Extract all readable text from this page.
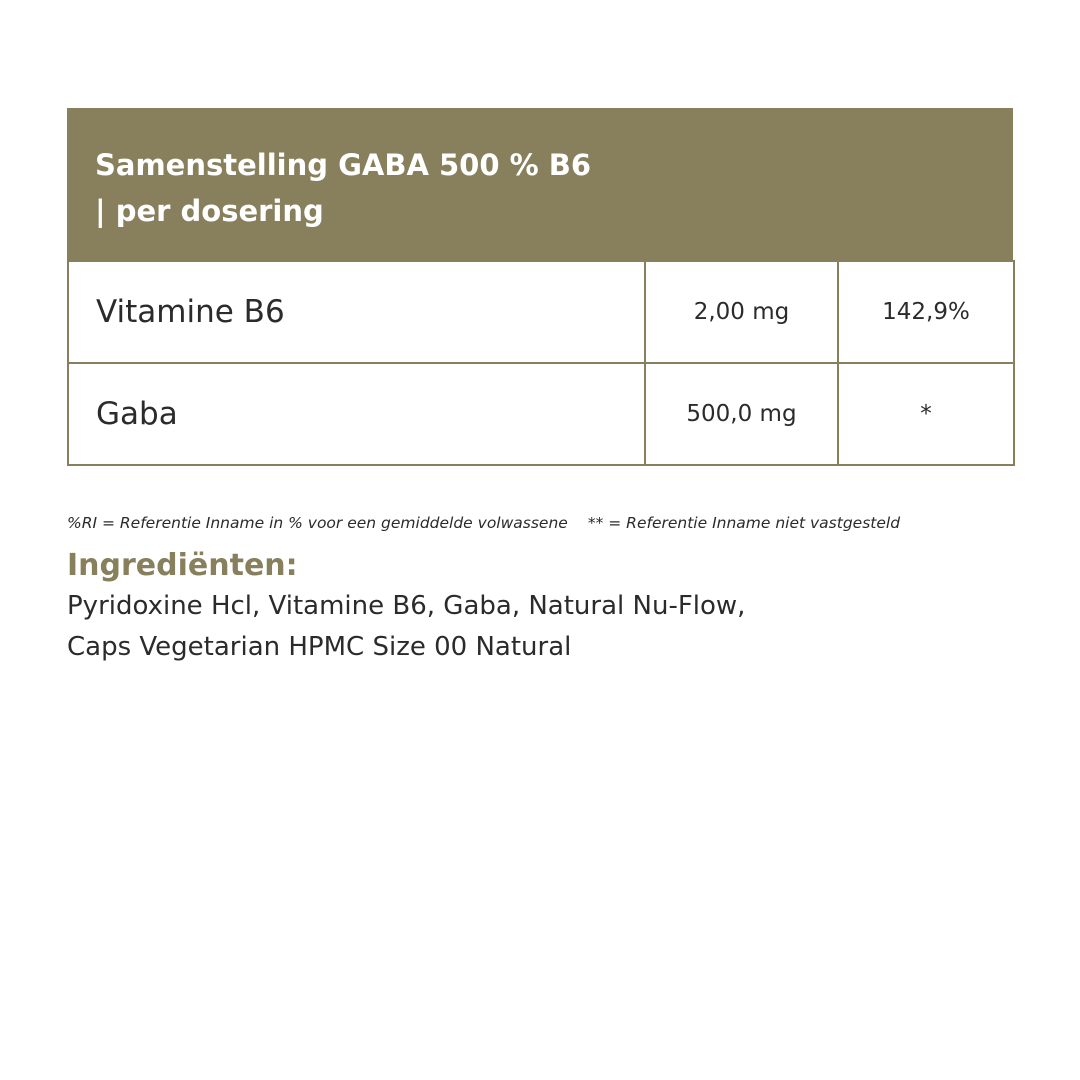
Samenstelling GABA 500 % B6
| per dosering
Vitamine B6	2,00 mg	142,9%
Gaba	500,0 mg	*
%RI = Referentie Inname in % voor een gemiddelde volwassene ** = Referentie Inname niet vastgesteld
Ingrediënten:
Pyridoxine Hcl, Vitamine B6, Gaba, Natural Nu-Flow,
Caps Vegetarian HPMC Size 00 Natural
